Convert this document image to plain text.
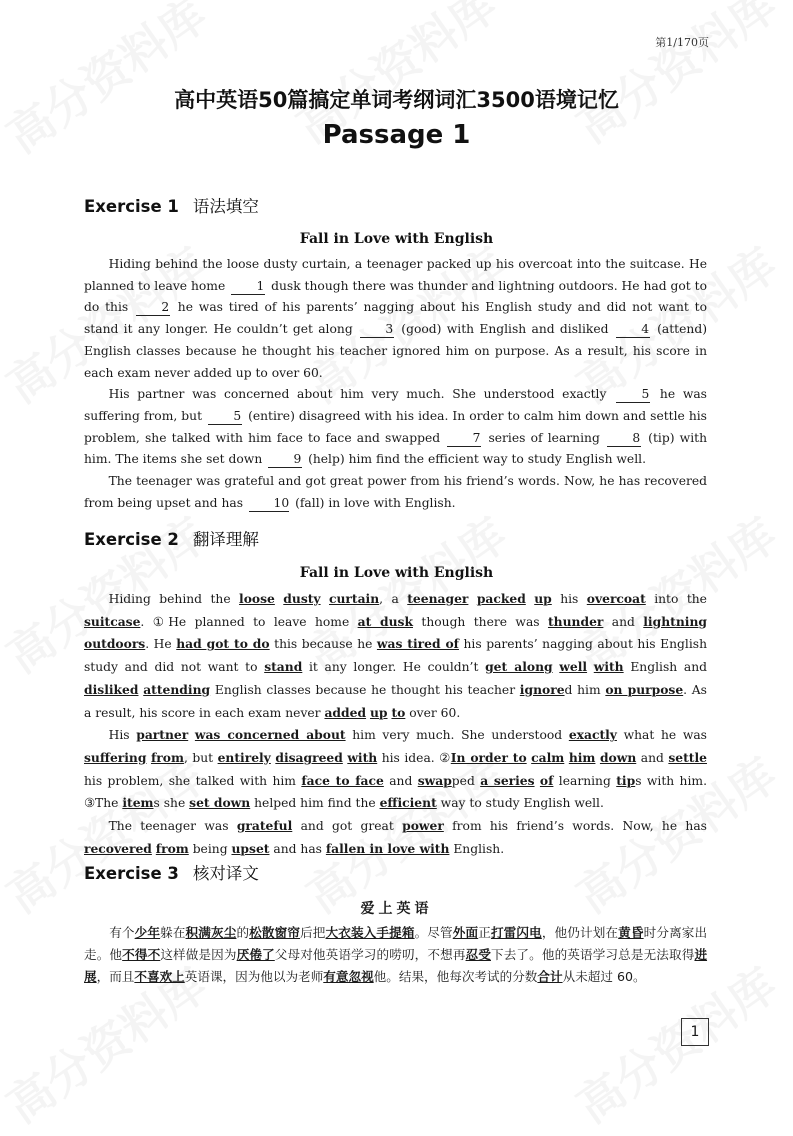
第1/170页
高中英语50篇搞定单词考纲词汇3500语境记忆
Passage 1
Exercise 1 语法填空
Fall in Love with English

Hiding behind the loose dusty curtain, a teenager packed up his overcoat into the suitcase. He planned to leave home 1 dusk though there was thunder and lightning outdoors. He had got to do this 2 he was tired of his parents’ nagging about his English study and did not want to stand it any longer. He couldn’t get along 3 (good) with English and disliked 4 (attend) English classes because he thought his teacher ignored him on purpose. As a result, his score in each exam never added up to over 60.

His partner was concerned about him very much. She understood exactly 5 he was suffering from, but 5 (entire) disagreed with his idea. In order to calm him down and settle his problem, she talked with him face to face and swapped 7 series of learning 8 (tip) with him. The items she set down 9 (help) him find the efficient way to study English well.

The teenager was grateful and got great power from his friend’s words. Now, he has recovered from being upset and has 10 (fall) in love with English.

Exercise 2 翻译理解
Fall in Love with English

Hiding behind the loose dusty curtain, a teenager packed up his overcoat into the suitcase. ①He planned to leave home at dusk though there was thunder and lightning outdoors. He had got to do this because he was tired of his parents’ nagging about his English study and did not want to stand it any longer. He couldn’t get along well with English and disliked attending English classes because he thought his teacher ignored him on purpose. As a result, his score in each exam never added up to over 60.

His partner was concerned about him very much. She understood exactly what he was suffering from, but entirely disagreed with his idea. ②In order to calm him down and settle his problem, she talked with him face to face and swapped a series of learning tips with him. ③The items she set down helped him find the efficient way to study English well.

The teenager was grateful and got great power from his friend’s words. Now, he has recovered from being upset and has fallen in love with English.

Exercise 3 核对译文
爱上英语

有个少年躲在积满灰尘的松散窗帘后把大衣装入手提箱。尽管外面正打雷闪电，他仍计划在黄昏时分离家出走。他不得不这样做是因为厌倦了父母对他英语学习的唠叨，不想再忍受下去了。他的英语学习总是无法取得进展，而且不喜欢上英语课，因为他以为老师有意忽视他。结果，他每次考试的分数合计从未超过 60。

1
